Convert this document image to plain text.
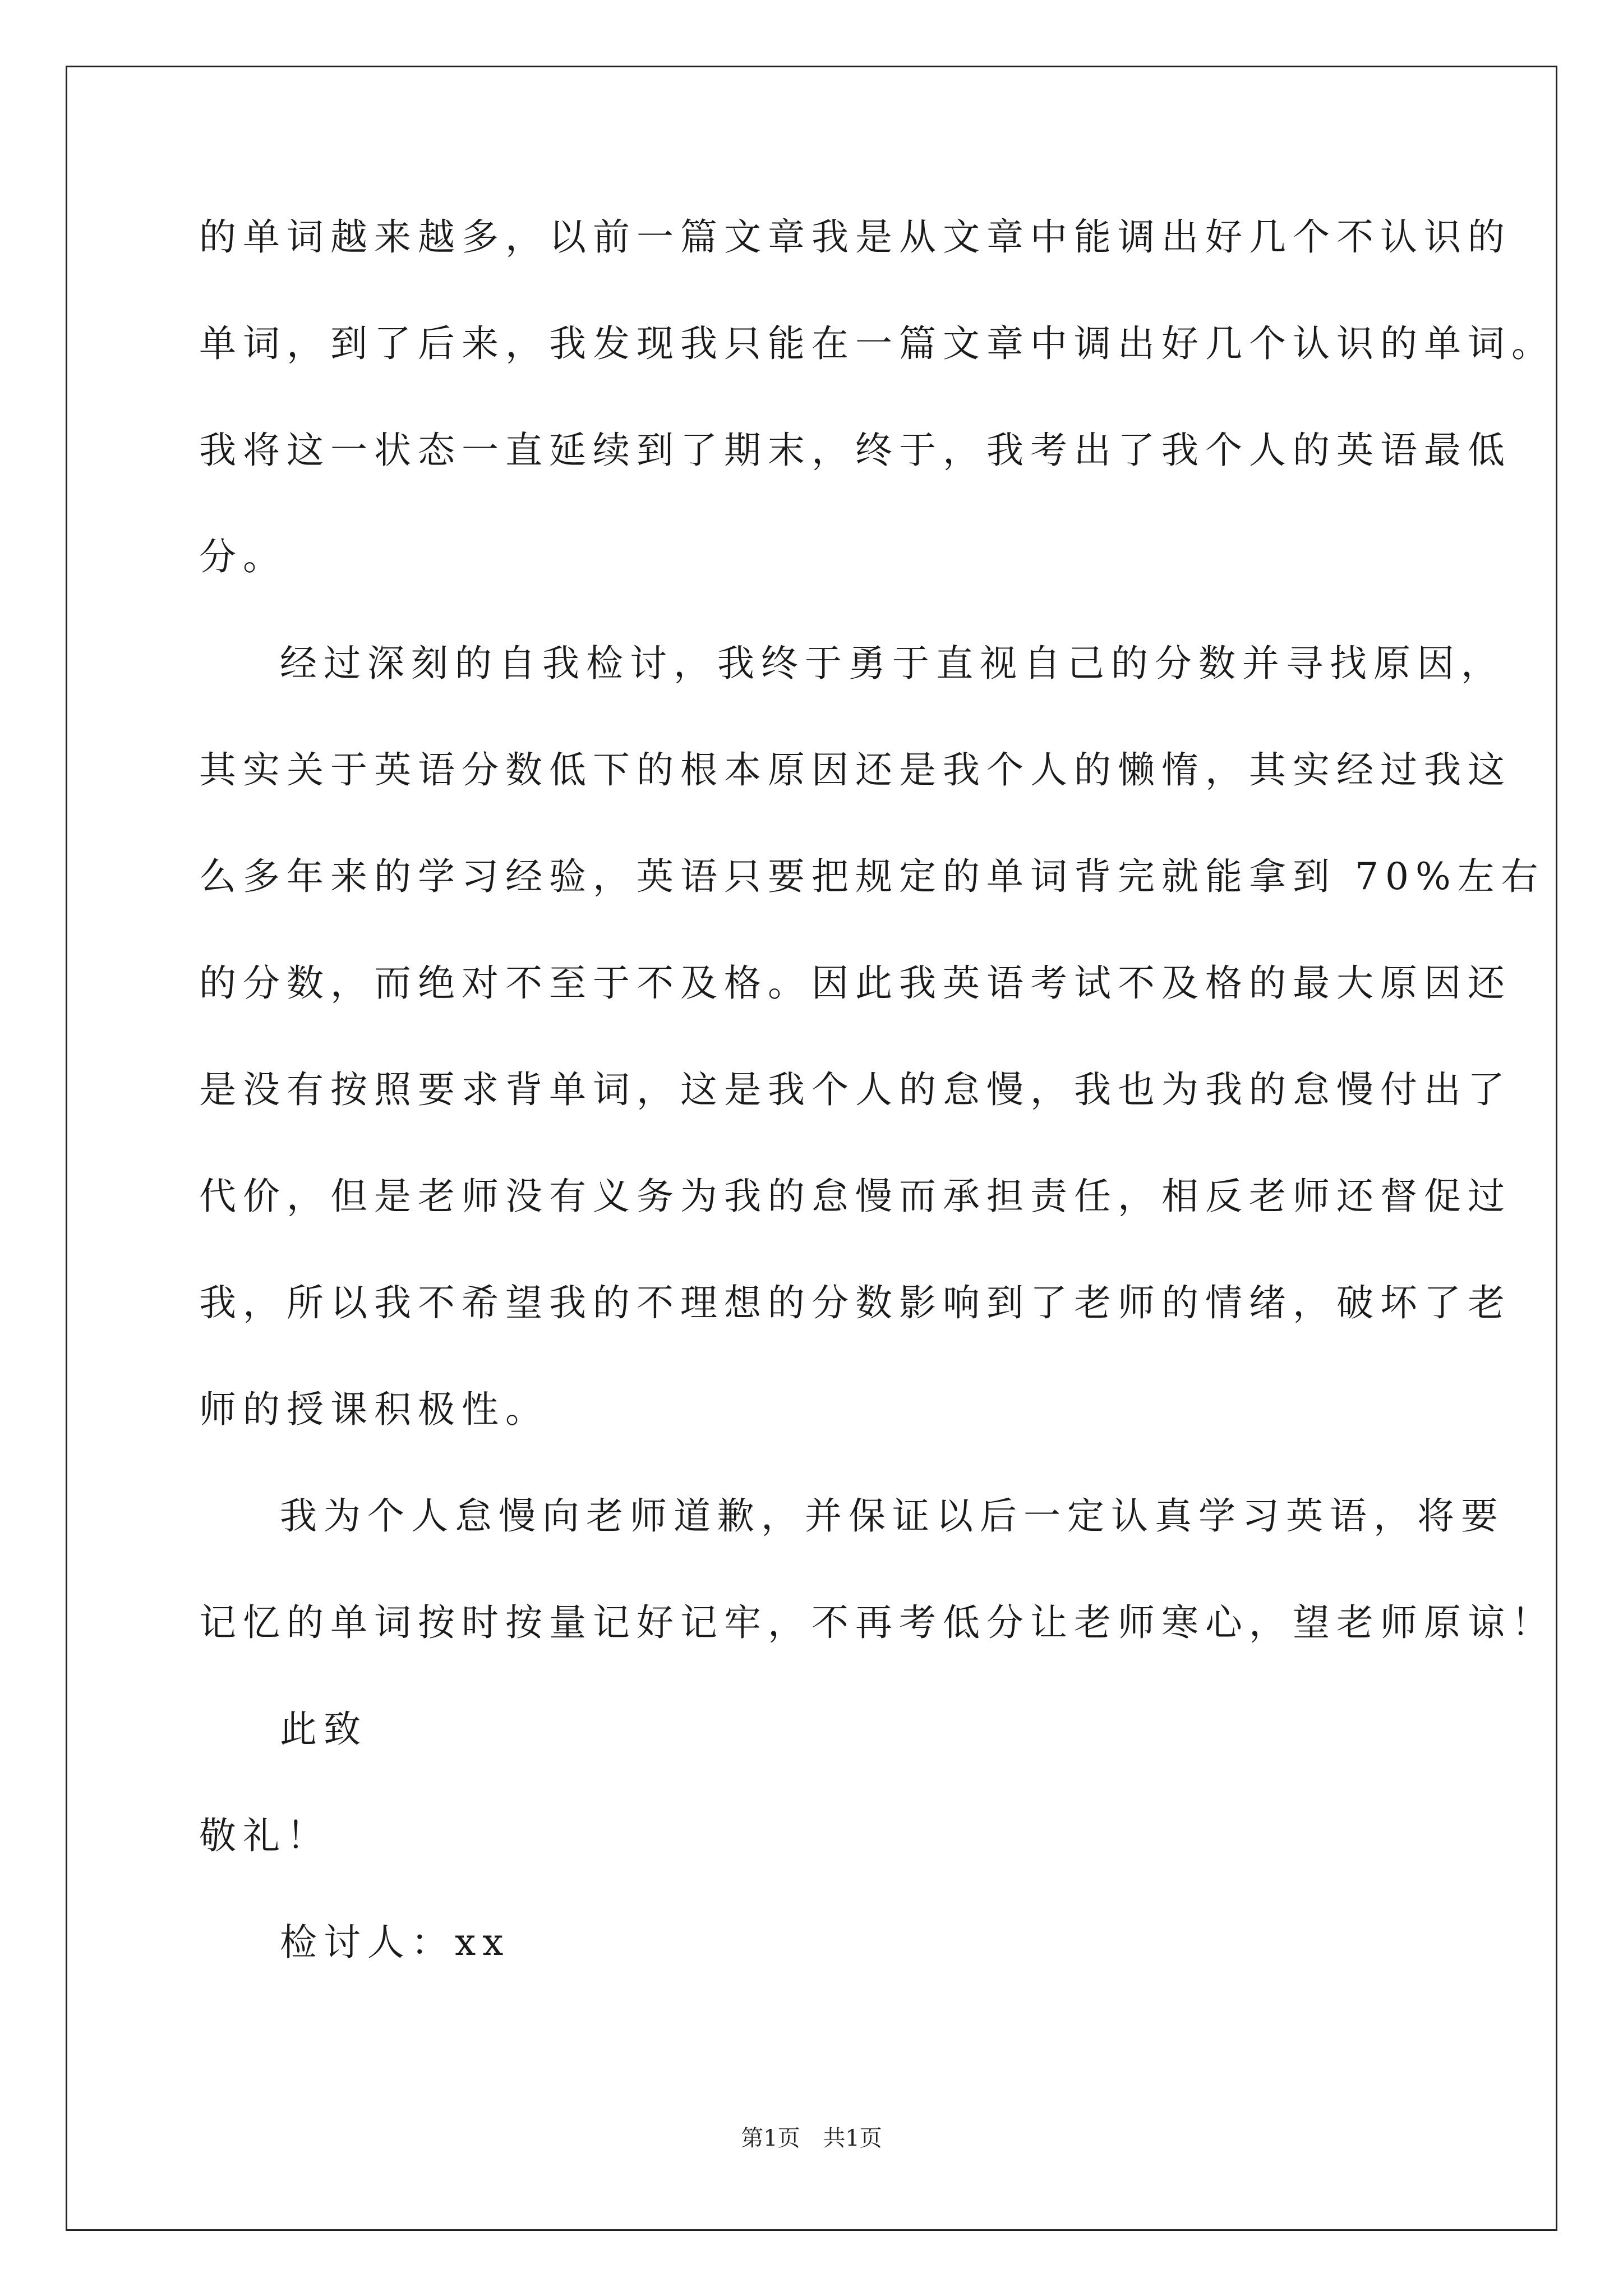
的单词越来越多，以前一篇文章我是从文章中能调出好几个不认识的
单词，到了后来，我发现我只能在一篇文章中调出好几个认识的单词。
我将这一状态一直延续到了期末，终于，我考出了我个人的英语最低
分。
经过深刻的自我检讨，我终于勇于直视自己的分数并寻找原因，
其实关于英语分数低下的根本原因还是我个人的懒惰，其实经过我这
么多年来的学习经验，英语只要把规定的单词背完就能拿到 70%左右
的分数，而绝对不至于不及格。因此我英语考试不及格的最大原因还
是没有按照要求背单词，这是我个人的怠慢，我也为我的怠慢付出了
代价，但是老师没有义务为我的怠慢而承担责任，相反老师还督促过
我，所以我不希望我的不理想的分数影响到了老师的情绪，破坏了老
师的授课积极性。
我为个人怠慢向老师道歉，并保证以后一定认真学习英语，将要
记忆的单词按时按量记好记牢，不再考低分让老师寒心，望老师原谅！
此致
敬礼！
检讨人：xx
第1页 共1页
